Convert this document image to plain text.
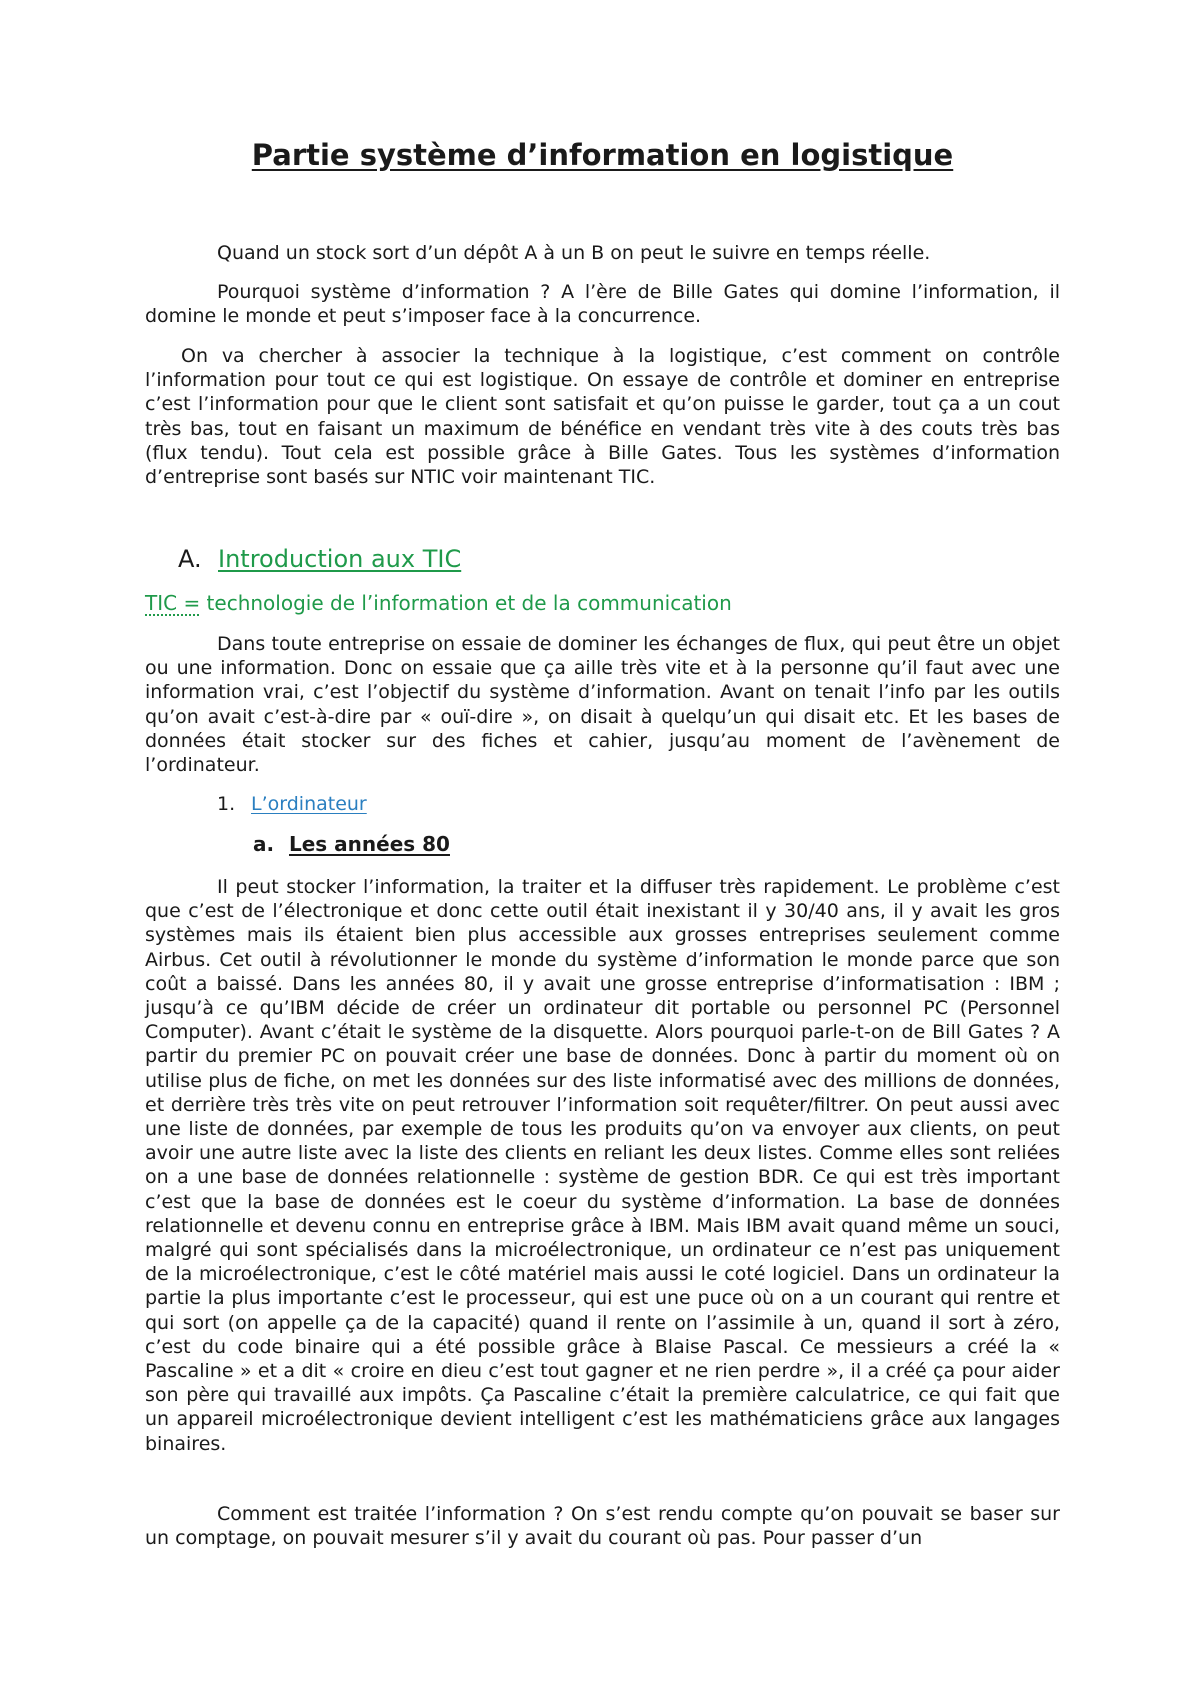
Partie système d’information en logistique

Quand un stock sort d’un dépôt A à un B on peut le suivre en temps réelle.

Pourquoi système d’information ? A l’ère de Bille Gates qui domine l’information, il domine le monde et peut s’imposer face à la concurrence.

On va chercher à associer la technique à la logistique, c’est comment on contrôle l’information pour tout ce qui est logistique. On essaye de contrôle et dominer en entreprise c’est l’information pour que le client sont satisfait et qu’on puisse le garder, tout ça a un cout très bas, tout en faisant un maximum de bénéfice en vendant très vite à des couts très bas (flux tendu). Tout cela est possible grâce à Bille Gates. Tous les systèmes d’information d’entreprise sont basés sur NTIC voir maintenant TIC.

A. Introduction aux TIC
TIC = technologie de l’information et de la communication

Dans toute entreprise on essaie de dominer les échanges de flux, qui peut être un objet ou une information. Donc on essaie que ça aille très vite et à la personne qu’il faut avec une information vrai, c’est l’objectif du système d’information. Avant on tenait l’info par les outils qu’on avait c’est-à-dire par « ouï-dire », on disait à quelqu’un qui disait etc. Et les bases de données était stocker sur des fiches et cahier, jusqu’au moment de l’avènement de l’ordinateur.

1. L’ordinateur
a. Les années 80

Il peut stocker l’information, la traiter et la diffuser très rapidement. Le problème c’est que c’est de l’électronique et donc cette outil était inexistant il y 30/40 ans, il y avait les gros systèmes mais ils étaient bien plus accessible aux grosses entreprises seulement comme Airbus. Cet outil à révolutionner le monde du système d’information le monde parce que son coût a baissé. Dans les années 80, il y avait une grosse entreprise d’informatisation : IBM ; jusqu’à ce qu’IBM décide de créer un ordinateur dit portable ou personnel PC (Personnel Computer). Avant c’était le système de la disquette. Alors pourquoi parle-t-on de Bill Gates ? A partir du premier PC on pouvait créer une base de données. Donc à partir du moment où on utilise plus de fiche, on met les données sur des liste informatisé avec des millions de données, et derrière très très vite on peut retrouver l’information soit requêter/filtrer. On peut aussi avec une liste de données, par exemple de tous les produits qu’on va envoyer aux clients, on peut avoir une autre liste avec la liste des clients en reliant les deux listes. Comme elles sont reliées on a une base de données relationnelle : système de gestion BDR. Ce qui est très important c’est que la base de données est le coeur du système d’information. La base de données relationnelle et devenu connu en entreprise grâce à IBM. Mais IBM avait quand même un souci, malgré qui sont spécialisés dans la microélectronique, un ordinateur ce n’est pas uniquement de la microélectronique, c’est le côté matériel mais aussi le coté logiciel. Dans un ordinateur la partie la plus importante c’est le processeur, qui est une puce où on a un courant qui rentre et qui sort (on appelle ça de la capacité) quand il rente on l’assimile à un, quand il sort à zéro, c’est du code binaire qui a été possible grâce à Blaise Pascal. Ce messieurs a créé la « Pascaline » et a dit « croire en dieu c’est tout gagner et ne rien perdre », il a créé ça pour aider son père qui travaillé aux impôts. Ça Pascaline c’était la première calculatrice, ce qui fait que un appareil microélectronique devient intelligent c’est les mathématiciens grâce aux langages binaires.

Comment est traitée l’information ? On s’est rendu compte qu’on pouvait se baser sur un comptage, on pouvait mesurer s’il y avait du courant où pas. Pour passer d’un
